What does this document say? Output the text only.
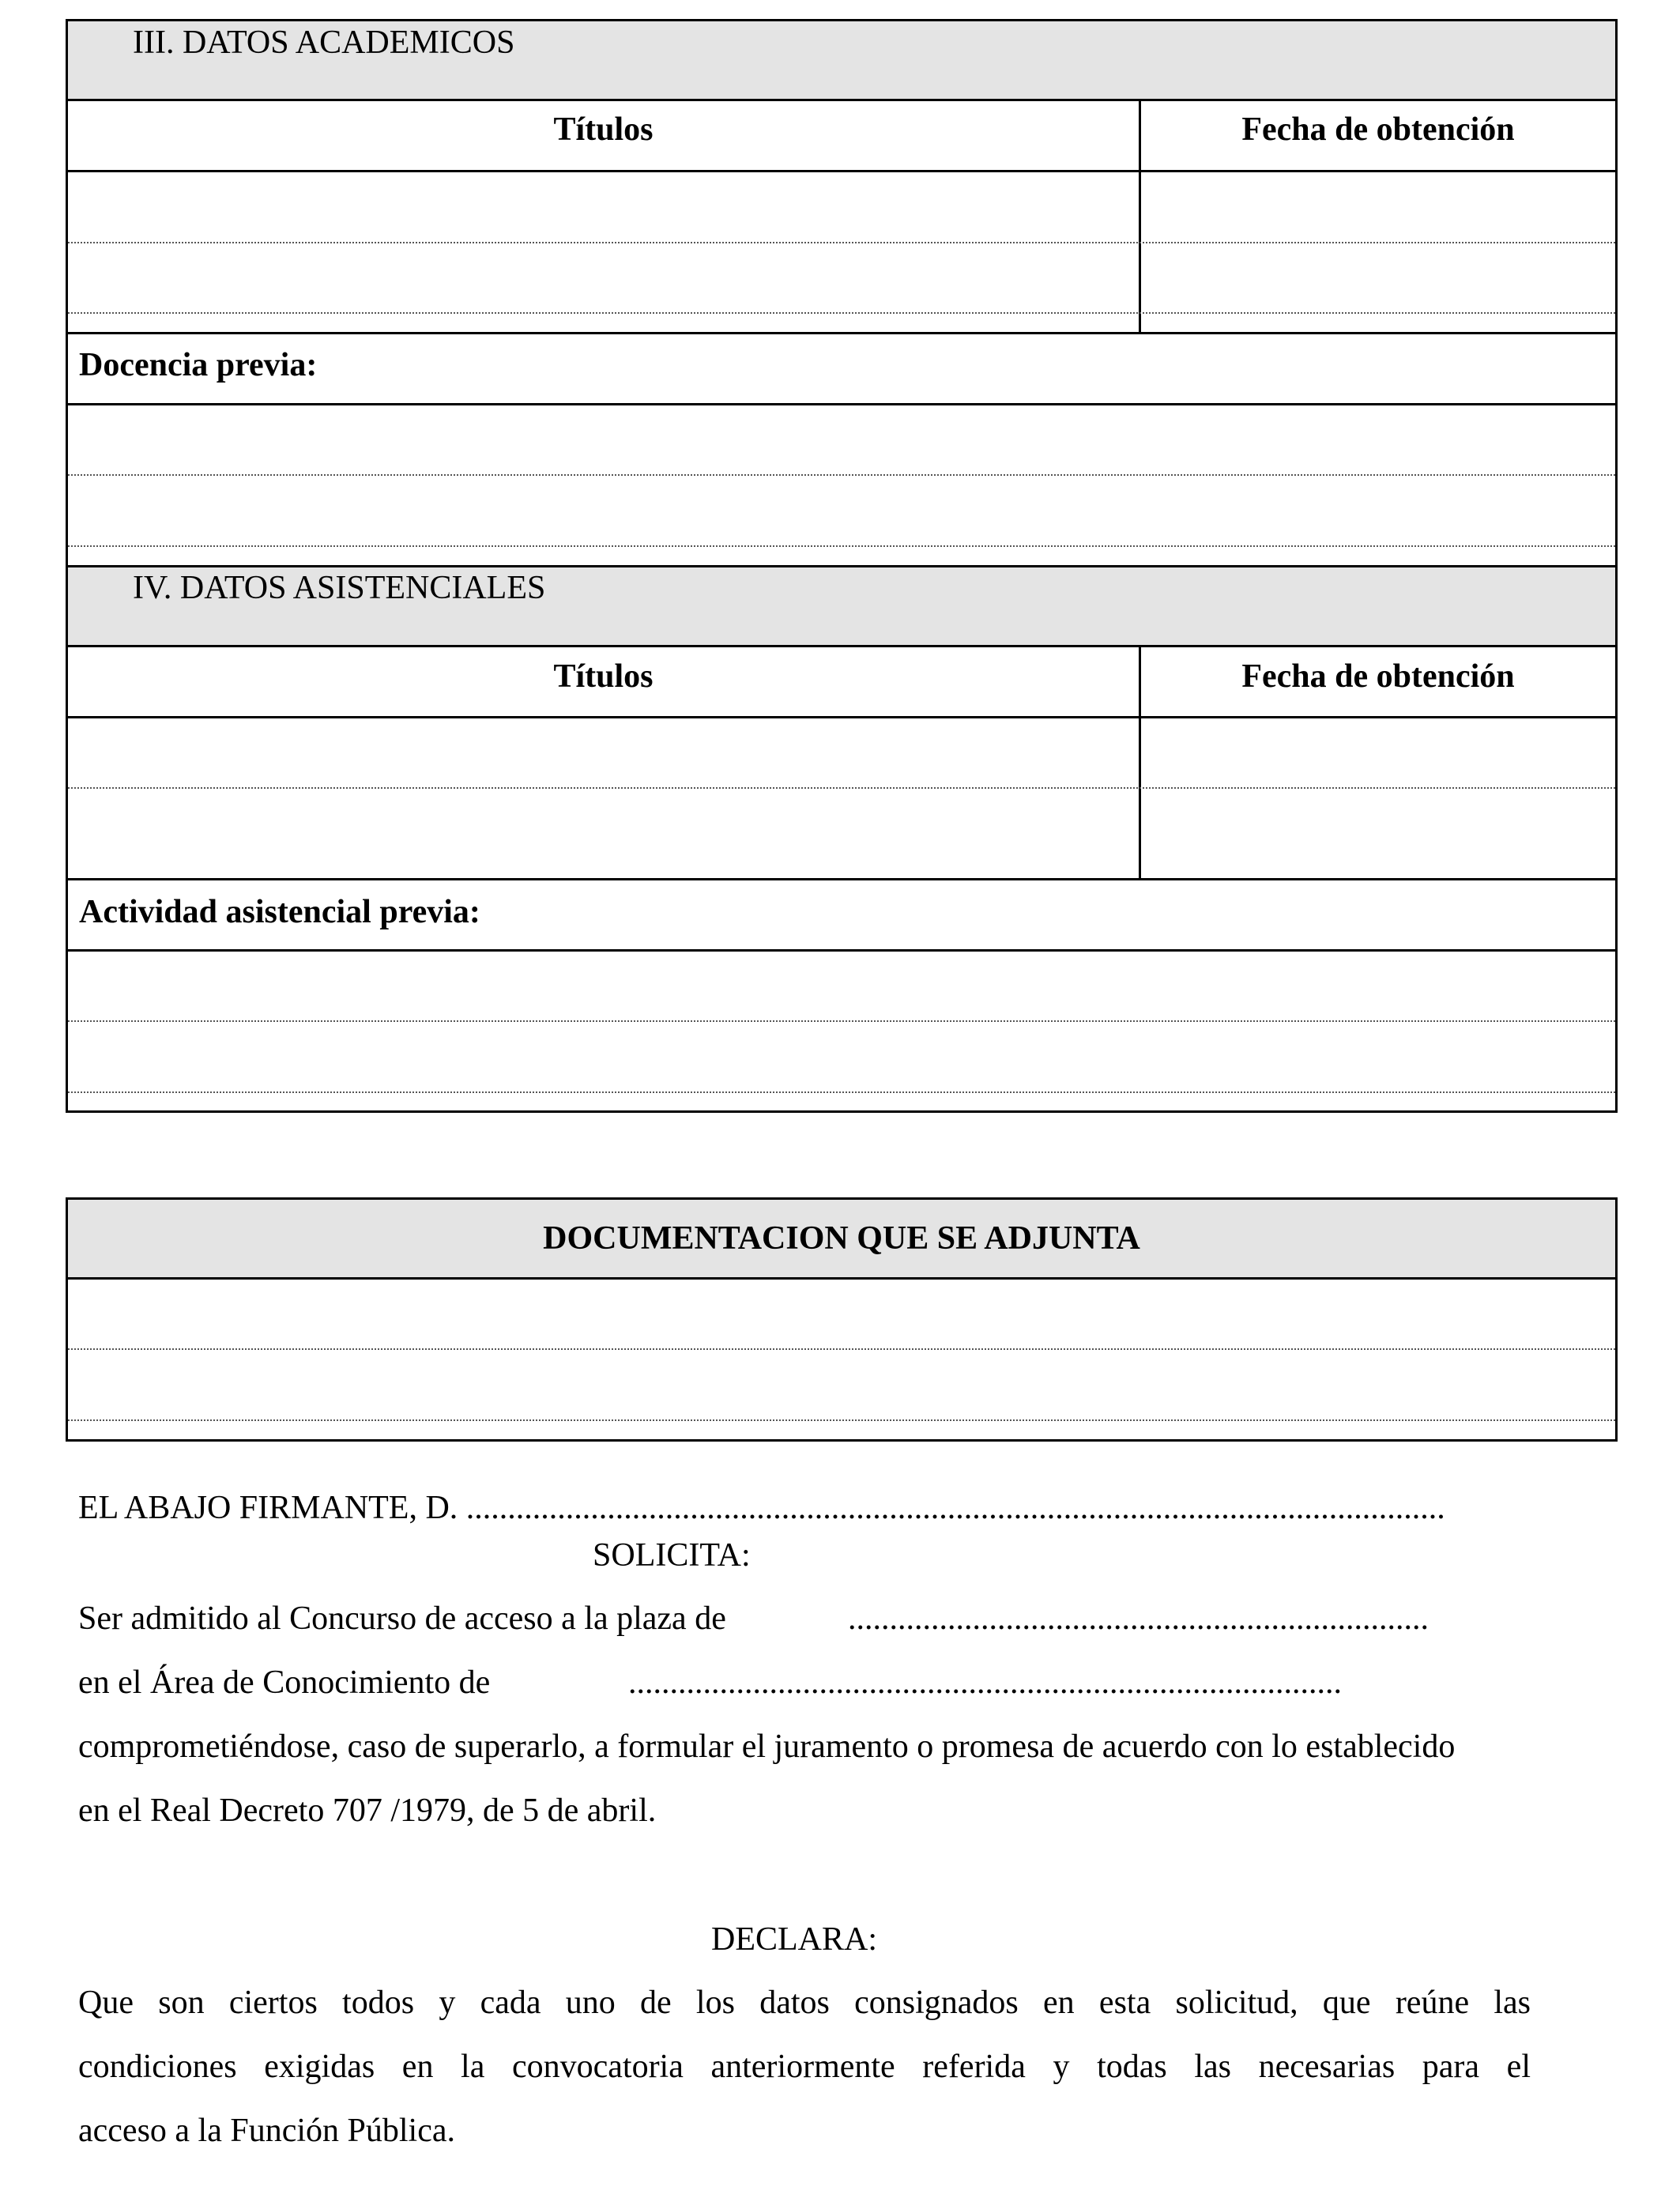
III. DATOS ACADEMICOS
Títulos	Fecha de obtención
Docencia previa:
IV. DATOS ASISTENCIALES
Títulos	Fecha de obtención
Actividad asistencial previa:
DOCUMENTACION QUE SE ADJUNTA
EL ABAJO FIRMANTE, D. ......................................................................................................................
SOLICITA:
Ser admitido al Concurso de acceso a la plaza de	......................................................................
en el Área de Conocimiento de	......................................................................................
comprometiéndose, caso de superarlo, a formular el juramento o promesa de acuerdo con lo establecido
en el Real Decreto 707 /1979, de 5 de abril.
DECLARA:
Que son ciertos todos y cada uno de los datos consignados en esta solicitud, que reúne las
condiciones exigidas en la convocatoria anteriormente referida y todas las necesarias para el
acceso a la Función Pública.
